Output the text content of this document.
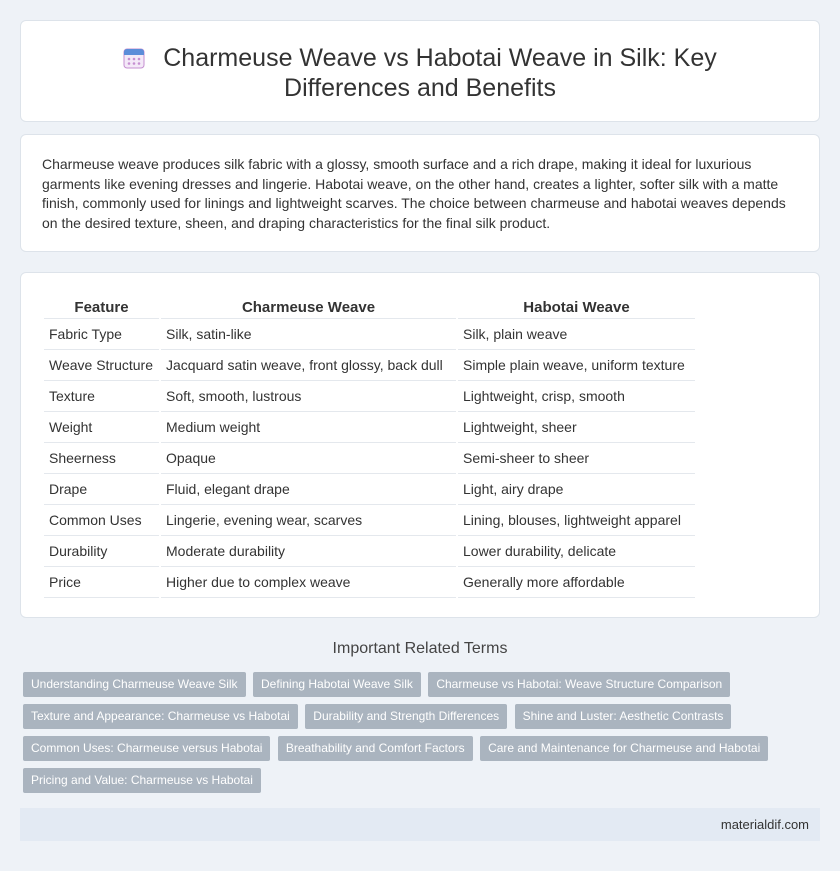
Charmeuse Weave vs Habotai Weave in Silk: Key Differences and Benefits

Charmeuse weave produces silk fabric with a glossy, smooth surface and a rich drape, making it ideal for luxurious garments like evening dresses and lingerie. Habotai weave, on the other hand, creates a lighter, softer silk with a matte finish, commonly used for linings and lightweight scarves. The choice between charmeuse and habotai weaves depends on the desired texture, sheen, and draping characteristics for the final silk product.

Feature	Charmeuse Weave	Habotai Weave
Fabric Type	Silk, satin-like	Silk, plain weave
Weave Structure	Jacquard satin weave, front glossy, back dull	Simple plain weave, uniform texture
Texture	Soft, smooth, lustrous	Lightweight, crisp, smooth
Weight	Medium weight	Lightweight, sheer
Sheerness	Opaque	Semi-sheer to sheer
Drape	Fluid, elegant drape	Light, airy drape
Common Uses	Lingerie, evening wear, scarves	Lining, blouses, lightweight apparel
Durability	Moderate durability	Lower durability, delicate
Price	Higher due to complex weave	Generally more affordable
Important Related Terms
Understanding Charmeuse Weave Silk Defining Habotai Weave Silk Charmeuse vs Habotai: Weave Structure Comparison Texture and Appearance: Charmeuse vs Habotai Durability and Strength Differences Shine and Luster: Aesthetic Contrasts Common Uses: Charmeuse versus Habotai Breathability and Comfort Factors Care and Maintenance for Charmeuse and Habotai Pricing and Value: Charmeuse vs Habotai
materialdif.com
